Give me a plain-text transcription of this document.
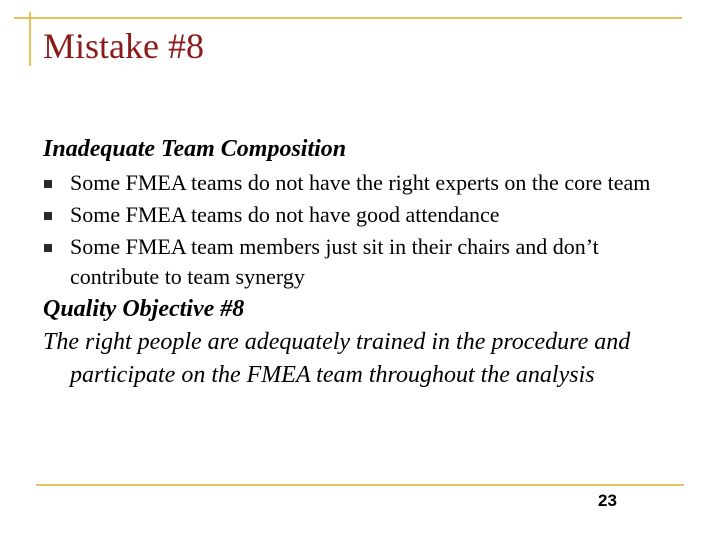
Mistake #8

Inadequate Team Composition

Some FMEA teams do not have the right experts on the core team
Some FMEA teams do not have good attendance
Some FMEA team members just sit in their chairs and don’t contribute to team synergy

Quality Objective #8

The right people are adequately trained in the procedure and participate on the FMEA team throughout the analysis

23
